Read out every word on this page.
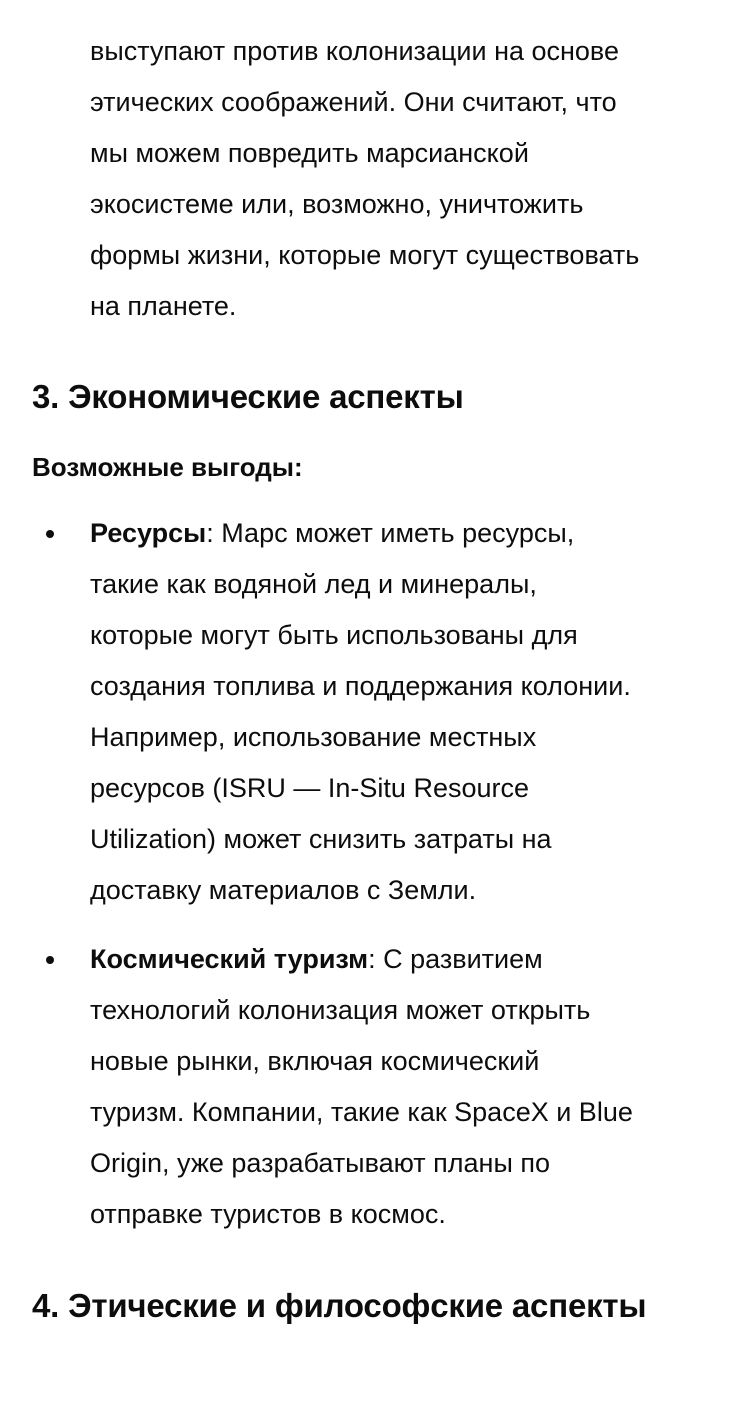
выступают против колонизации на основе
этических соображений. Они считают, что
мы можем повредить марсианской
экосистеме или, возможно, уничтожить
формы жизни, которые могут существовать
на планете.
3. Экономические аспекты

Возможные выгоды:

Ресурсы: Марс может иметь ресурсы,
такие как водяной лед и минералы,
которые могут быть использованы для
создания топлива и поддержания колонии.
Например, использование местных
ресурсов (ISRU — In-Situ Resource
Utilization) может снизить затраты на
доставку материалов с Земли.

Космический туризм: С развитием
технологий колонизация может открыть
новые рынки, включая космический
туризм. Компании, такие как SpaceX и Blue
Origin, уже разрабатывают планы по
отправке туристов в космос.

4. Этические и философские аспекты
